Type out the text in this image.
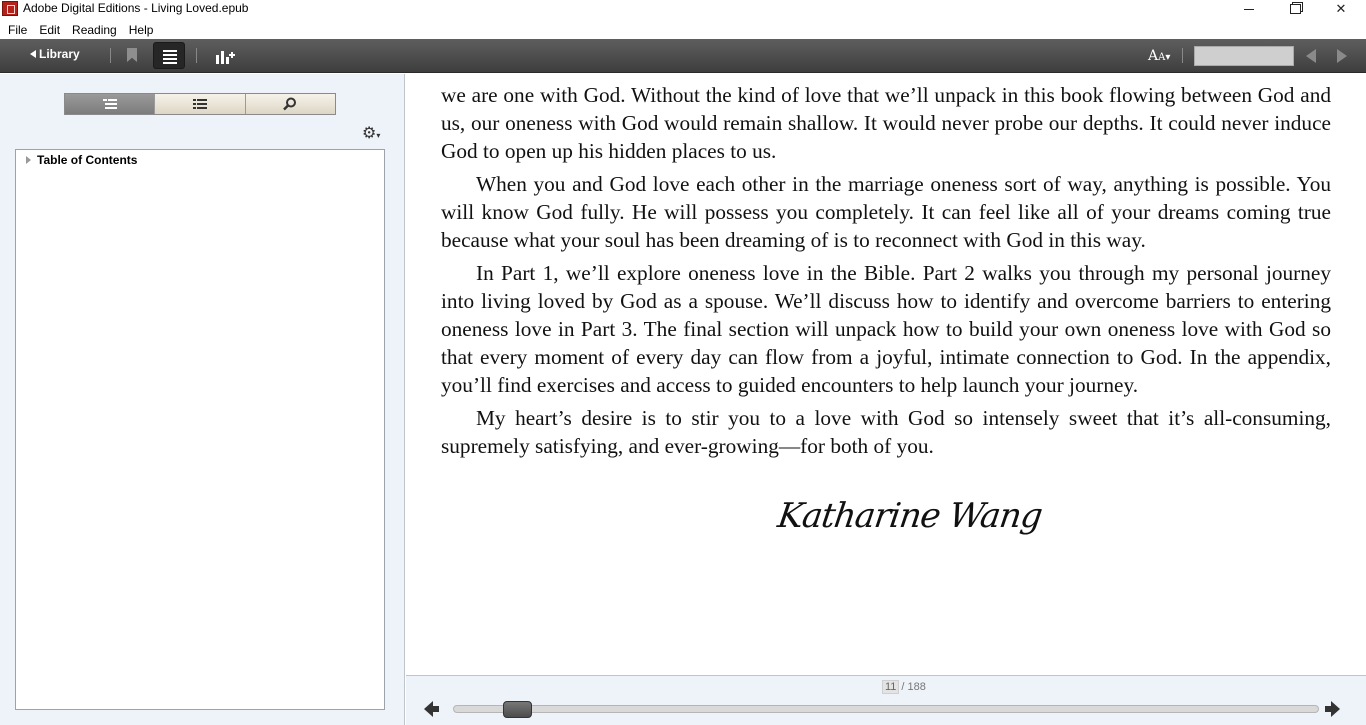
Adobe Digital Editions - Living Loved.epub	✕
File	Edit	Reading	Help
Library	AA▾
⚙▾
Table of Contents

we are one with God. Without the kind of love that we’ll unpack in this book flowing between God and us, our oneness with God would remain shallow. It would never probe our depths. It could never induce God to open up his hidden places to us.

When you and God love each other in the marriage oneness sort of way, anything is possible. You will know God fully. He will possess you completely. It can feel like all of your dreams coming true because what your soul has been dreaming of is to reconnect with God in this way.

In Part 1, we’ll explore oneness love in the Bible. Part 2 walks you through my personal journey into living loved by God as a spouse. We’ll discuss how to identify and overcome barriers to entering oneness love in Part 3. The final section will unpack how to build your own oneness love with God so that every moment of every day can flow from a joyful, intimate connection to God. In the appendix, you’ll find exercises and access to guided encounters to help launch your journey.

My heart’s desire is to stir you to a love with God so intensely sweet that it’s all-consuming, supremely satisfying, and ever-growing—for both of you.

Katharine Wang
11 / 188
